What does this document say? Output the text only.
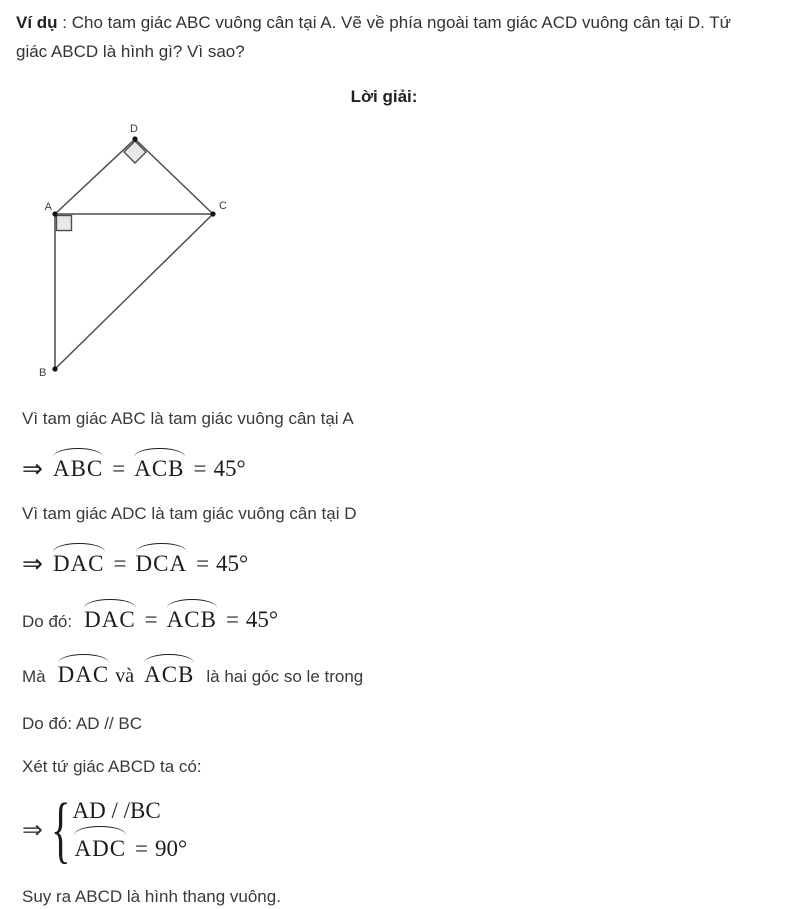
Ví dụ : Cho tam giác ABC vuông cân tại A. Vẽ về phía ngoài tam giác ACD vuông cân tại D. Tứ giác ABCD là hình gì? Vì sao?

Lời giải:
D
A	C
B

Vì tam giác ABC là tam giác vuông cân tại A

⇒ ABC = ACB = 45°

Vì tam giác ADC là tam giác vuông cân tại D

⇒ DAC = DCA = 45°
Do đó: DAC = ACB = 45°
Mà DAC và ACB là hai góc so le trong

Do đó: AD // BC

Xét tứ giác ABCD ta có:

⇒ { AD / /BC
ADC = 90°

Suy ra ABCD là hình thang vuông.
